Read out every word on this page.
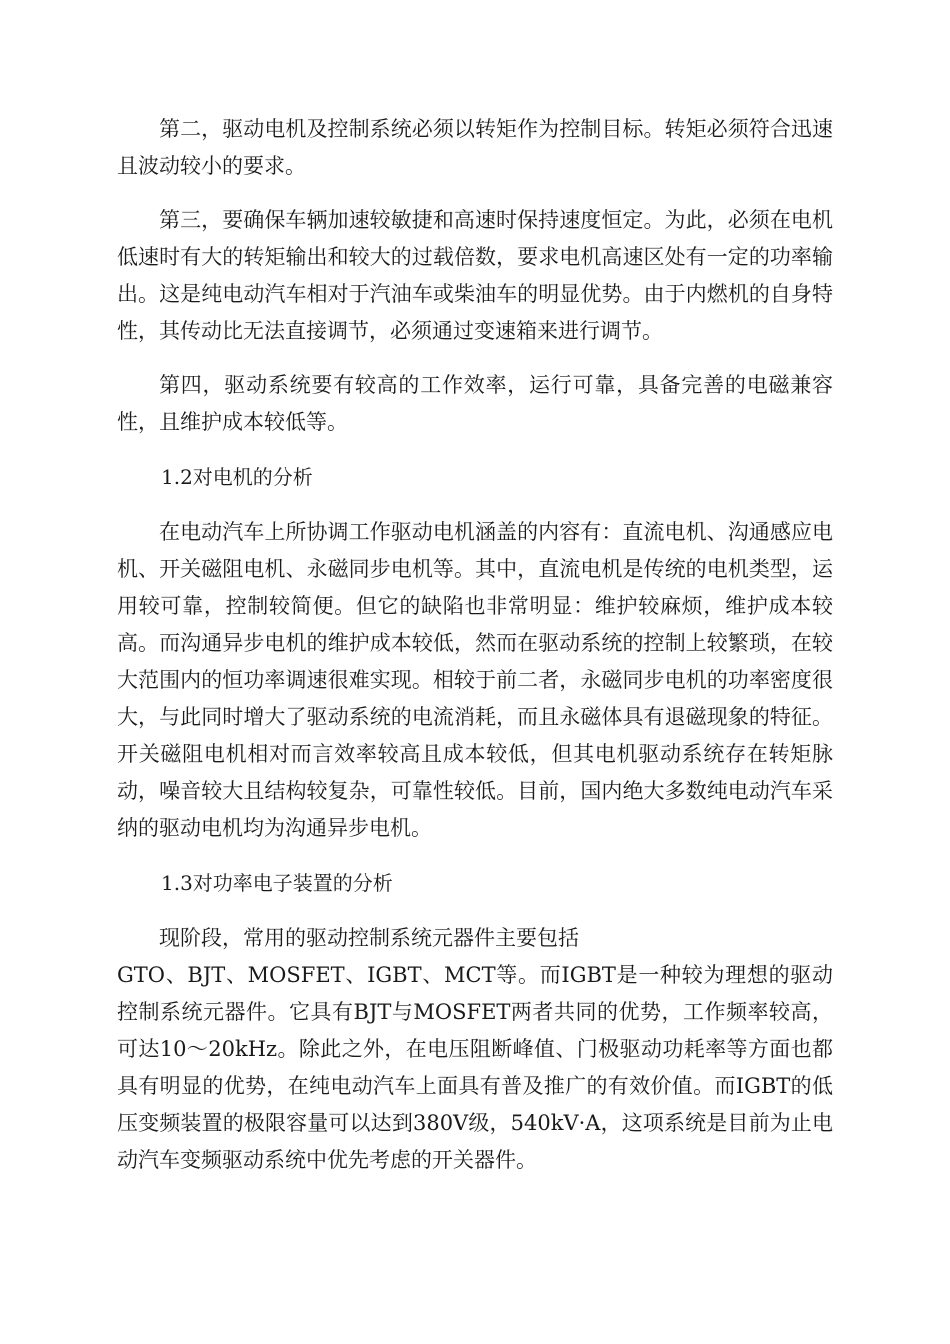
第二，驱动电机及控制系统必须以转矩作为控制目标。转矩必须符合迅速且波动较小的要求。

第三，要确保车辆加速较敏捷和高速时保持速度恒定。为此，必须在电机低速时有大的转矩输出和较大的过载倍数，要求电机高速区处有一定的功率输出。这是纯电动汽车相对于汽油车或柴油车的明显优势。由于内燃机的自身特性，其传动比无法直接调节，必须通过变速箱来进行调节。

第四，驱动系统要有较高的工作效率，运行可靠，具备完善的电磁兼容性，且维护成本较低等。

1.2对电机的分析

在电动汽车上所协调工作驱动电机涵盖的内容有：直流电机、沟通感应电机、开关磁阻电机、永磁同步电机等。其中，直流电机是传统的电机类型，运用较可靠，控制较简便。但它的缺陷也非常明显：维护较麻烦，维护成本较高。而沟通异步电机的维护成本较低，然而在驱动系统的控制上较繁琐，在较大范围内的恒功率调速很难实现。相较于前二者，永磁同步电机的功率密度很大，与此同时增大了驱动系统的电流消耗，而且永磁体具有退磁现象的特征。开关磁阻电机相对而言效率较高且成本较低，但其电机驱动系统存在转矩脉动，噪音较大且结构较复杂，可靠性较低。目前，国内绝大多数纯电动汽车采纳的驱动电机均为沟通异步电机。

1.3对功率电子装置的分析

现阶段，常用的驱动控制系统元器件主要包括

GTO、BJT、MOSFET、IGBT、MCT等。而IGBT是一种较为理想的驱动控制系统元器件。它具有BJT与MOSFET两者共同的优势，工作频率较高，可达10～20kHz。除此之外，在电压阻断峰值、门极驱动功耗率等方面也都具有明显的优势，在纯电动汽车上面具有普及推广的有效价值。而IGBT的低压变频装置的极限容量可以达到380V级，540kV·A，这项系统是目前为止电动汽车变频驱动系统中优先考虑的开关器件。
